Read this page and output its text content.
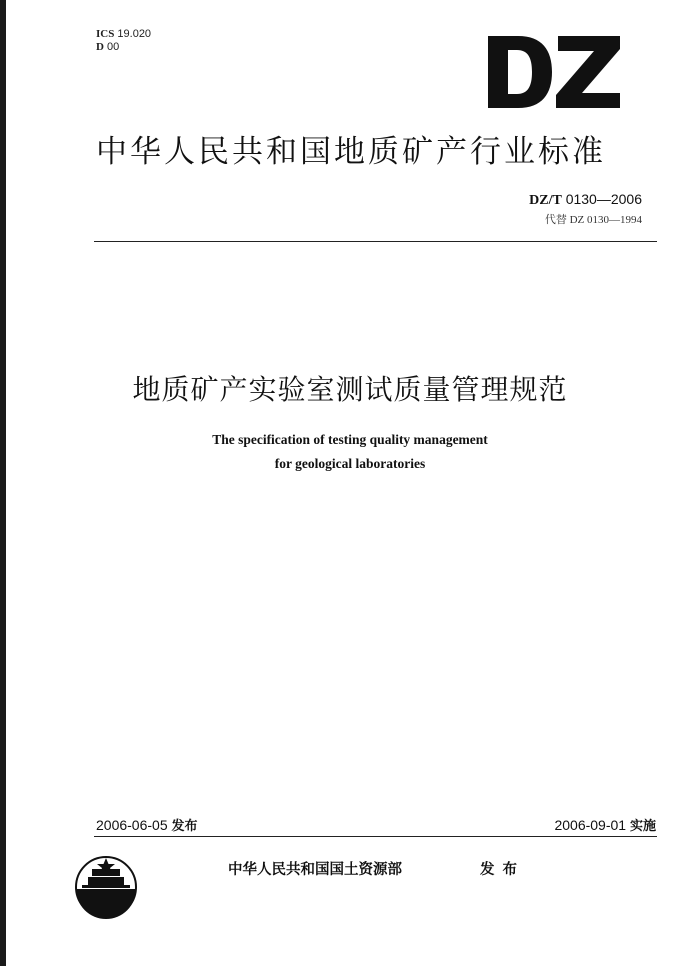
ICS 19.020
D 00
中华人民共和国地质矿产行业标准
DZ/T 0130—2006
代替 DZ 0130—1994
地质矿产实验室测试质量管理规范
The specification of testing quality management
for geological laboratories
2006-06-05 发布	2006-09-01 实施
中华人民共和国国土资源部	发布
